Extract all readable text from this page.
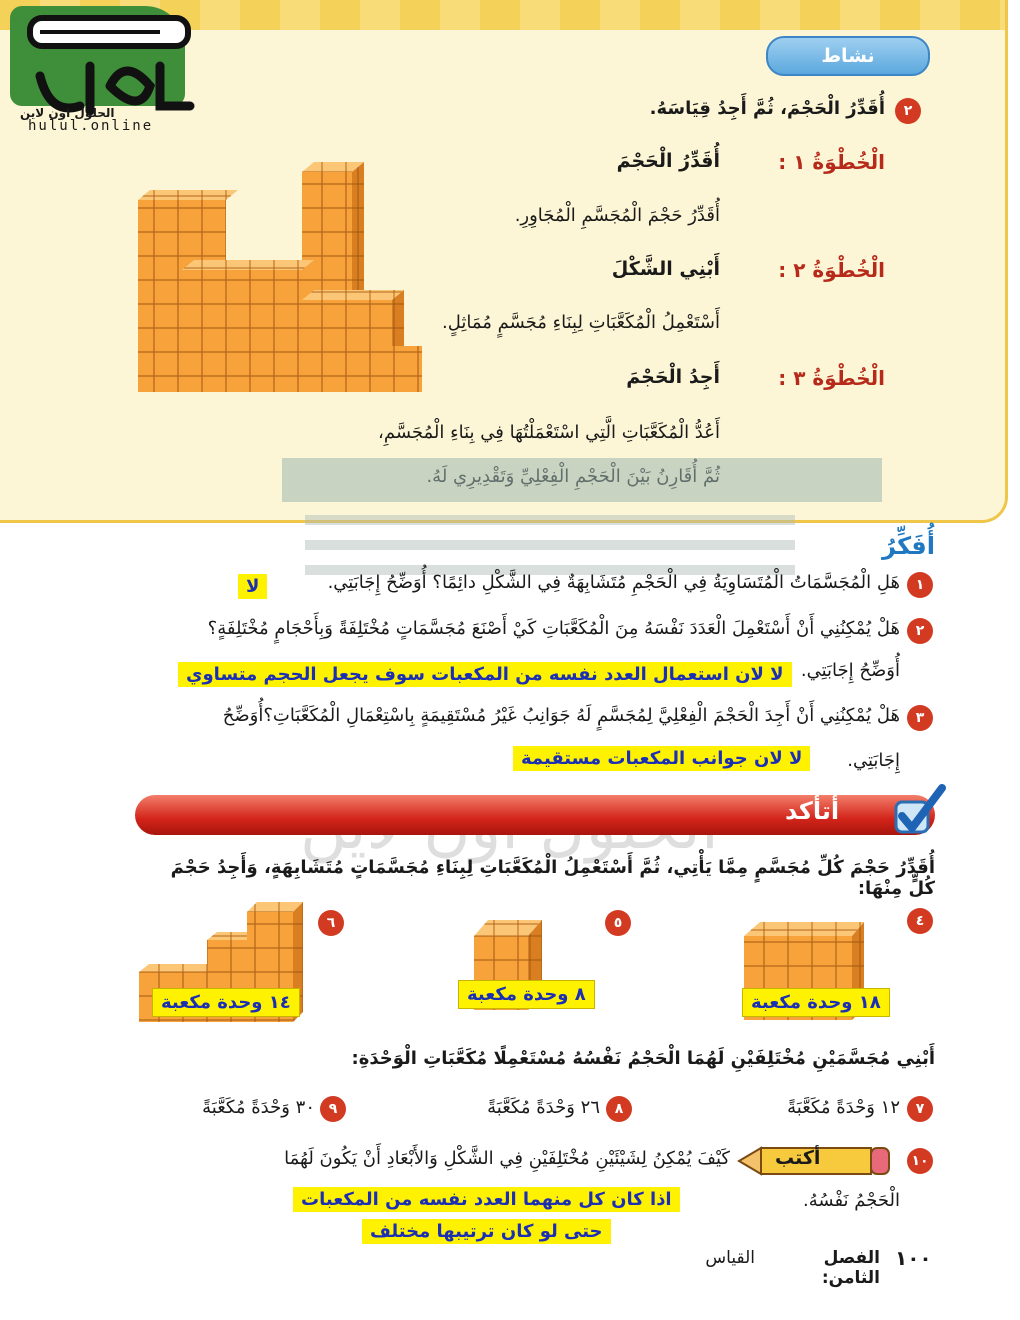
نشاط
الحلول اون لاين
hulul.online
٢
أُقَدِّرُ الْحَجْمَ، ثُمَّ أَجِدُ قِيَاسَهُ.
الْخُطْوَةُ ١ :
أُقَدِّرُ الْحَجْمَ
أُقَدِّرُ حَجْمَ الْمُجَسَّمِ الْمُجَاوِرِ.
الْخُطْوَةُ ٢ :
أَبْنِي الشَّكْلَ
أَسْتَعْمِلُ الْمُكَعَّبَاتِ لِبِنَاءِ مُجَسَّمٍ مُمَاثِلٍ.
الْخُطْوَةُ ٣ :
أَجِدُ الْحَجْمَ
أَعُدُّ الْمُكَعَّبَاتِ الَّتِي اسْتَعْمَلْتُهَا فِي بِنَاءِ الْمُجَسَّمِ،
أُفَكِّرُ
١
هَلِ الْمُجَسَّمَاتُ الْمُتَسَاوِيَةُ فِي الْحَجْمِ مُتَشَابِهَةٌ فِي الشَّكْلِ دائِمًا؟ أُوَضِّحُ إِجَابَتِي.
لا
٢
هَلْ يُمْكِنُنِي أَنْ أَسْتَعْمِلَ الْعَدَدَ نَفْسَهُ مِنَ الْمُكَعَّبَاتِ كَيْ أَصْنَعَ مُجَسَّمَاتٍ مُخْتَلِفَةً وَبِأَحْجَامٍ مُخْتَلِفَةٍ؟
أُوَضِّحُ إِجَابَتِي.
لا لان استعمال العدد نفسه من المكعبات سوف يجعل الحجم متساوي
٣
هَلْ يُمْكِنُنِي أَنْ أَجِدَ الْحَجْمَ الْفِعْلِيَّ لِمُجَسَّمٍ لَهُ جَوَانِبُ غَيْرُ مُسْتَقِيمَةٍ بِاسْتِعْمَالِ الْمُكَعَّبَاتِ؟أُوَضِّحُ
إِجَابَتِي.
لا لان جوانب المكعبات مستقيمة
أتأكد
أُقَدِّرُ حَجْمَ كُلِّ مُجَسَّمٍ مِمَّا يَأْتِي، ثُمَّ أَسْتَعْمِلُ الْمُكَعَّبَاتِ لِبِنَاءِ مُجَسَّمَاتٍ مُتَشَابِهَةٍ، وَأَجِدُ حَجْمَ كُلٍّ مِنْهَا:
٤
٥
٦
١٨ وحدة مكعبة
٨ وحدة مكعبة
١٤ وحدة مكعبة
أَبْنِي مُجَسَّمَيْنِ مُخْتَلِفَيْنِ لَهُمَا الْحَجْمُ نَفْسُهُ مُسْتَعْمِلًا مُكَعَّبَاتِ الْوَحْدَةِ:
٧
١٢ وَحْدَةً مُكَعَّبَةً
٨
٢٦ وَحْدَةً مُكَعَّبَةً
٩
٣٠ وَحْدَةً مُكَعَّبَةً
١٠
أكتب
كَيْفَ يُمْكِنُ لِشَيْئَيْنِ مُخْتَلِفَيْنِ فِي الشَّكْلِ وَالأَبْعَادِ أَنْ يَكُونَ لَهُمَا
الْحَجْمُ نَفْسُهُ.
اذا كان كل منهما العدد نفسه من المكعبات
حتى لو كان ترتيبها مختلف
١٠٠
الفصل الثامن:
القياس
